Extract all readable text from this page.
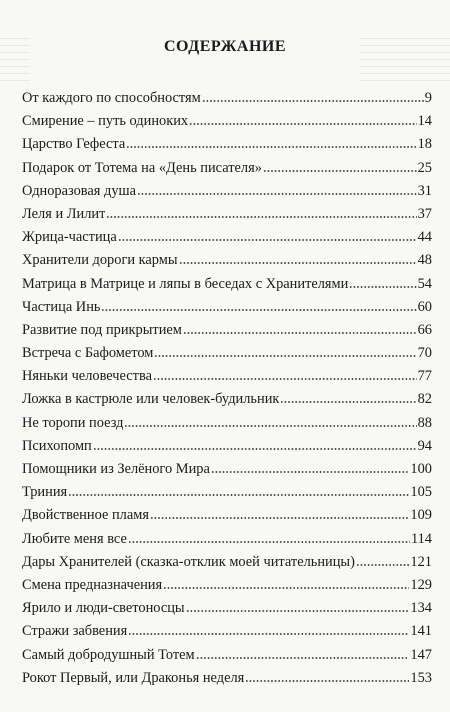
СОДЕРЖАНИЕ
От каждого по способностям	9
Смирение – путь одиноких	14
Царство Гефеста	18
Подарок от Тотема на «День писателя»	25
Одноразовая душа	31
Леля и Лилит	37
Жрица-частица	44
Хранители дороги кармы	48
Матрица в Матрице и ляпы в беседах с Хранителями	54
Частица Инь	60
Развитие под прикрытием	66
Встреча с Бафометом	70
Няньки человечества	77
Ложка в кастрюле или человек-будильник	82
Не торопи поезд	88
Психопомп	94
Помощники из Зелёного Мира	100
Триния	105
Двойственное пламя	109
Любите меня все	114
Дары Хранителей (сказка-отклик моей читательницы)	121
Смена предназначения	129
Ярило и люди-светоносцы	134
Стражи забвения	141
Самый добродушный Тотем	147
Рокот Первый, или Драконья неделя	153
